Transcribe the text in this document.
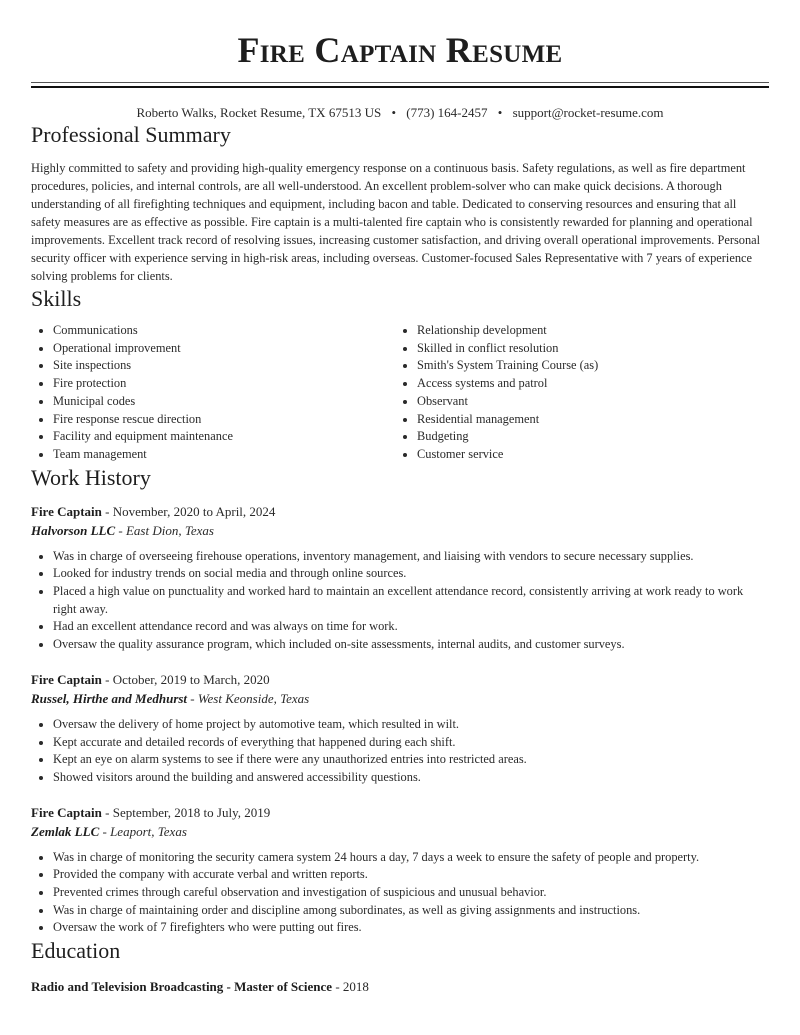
Fire Captain Resume
Roberto Walks, Rocket Resume, TX 67513 US • (773) 164-2457 • support@rocket-resume.com
Professional Summary

Highly committed to safety and providing high-quality emergency response on a continuous basis. Safety regulations, as well as fire department procedures, policies, and internal controls, are all well-understood. An excellent problem-solver who can make quick decisions. A thorough understanding of all firefighting techniques and equipment, including bacon and table. Dedicated to conserving resources and ensuring that all safety measures are as effective as possible. Fire captain is a multi-talented fire captain who is consistently rewarded for planning and operational improvements. Excellent track record of resolving issues, increasing customer satisfaction, and driving overall operational improvements. Personal security officer with experience serving in high-risk areas, including overseas. Customer-focused Sales Representative with 7 years of experience solving problems for clients.

Skills
• Communications
• Operational improvement
• Site inspections
• Fire protection
• Municipal codes
• Fire response rescue direction
• Facility and equipment maintenance
• Team management
• Relationship development
• Skilled in conflict resolution
• Smith's System Training Course (as)
• Access systems and patrol
• Observant
• Residential management
• Budgeting
• Customer service
Work History
Fire Captain - November, 2020 to April, 2024
Halvorson LLC - East Dion, Texas
• Was in charge of overseeing firehouse operations, inventory management, and liaising with vendors to secure necessary supplies.
• Looked for industry trends on social media and through online sources.
• Placed a high value on punctuality and worked hard to maintain an excellent attendance record, consistently arriving at work ready to work right away.
• Had an excellent attendance record and was always on time for work.
• Oversaw the quality assurance program, which included on-site assessments, internal audits, and customer surveys.
Fire Captain - October, 2019 to March, 2020
Russel, Hirthe and Medhurst - West Keonside, Texas
• Oversaw the delivery of home project by automotive team, which resulted in wilt.
• Kept accurate and detailed records of everything that happened during each shift.
• Kept an eye on alarm systems to see if there were any unauthorized entries into restricted areas.
• Showed visitors around the building and answered accessibility questions.
Fire Captain - September, 2018 to July, 2019
Zemlak LLC - Leaport, Texas
• Was in charge of monitoring the security camera system 24 hours a day, 7 days a week to ensure the safety of people and property.
• Provided the company with accurate verbal and written reports.
• Prevented crimes through careful observation and investigation of suspicious and unusual behavior.
• Was in charge of maintaining order and discipline among subordinates, as well as giving assignments and instructions.
• Oversaw the work of 7 firefighters who were putting out fires.
Education
Radio and Television Broadcasting - Master of Science - 2018
